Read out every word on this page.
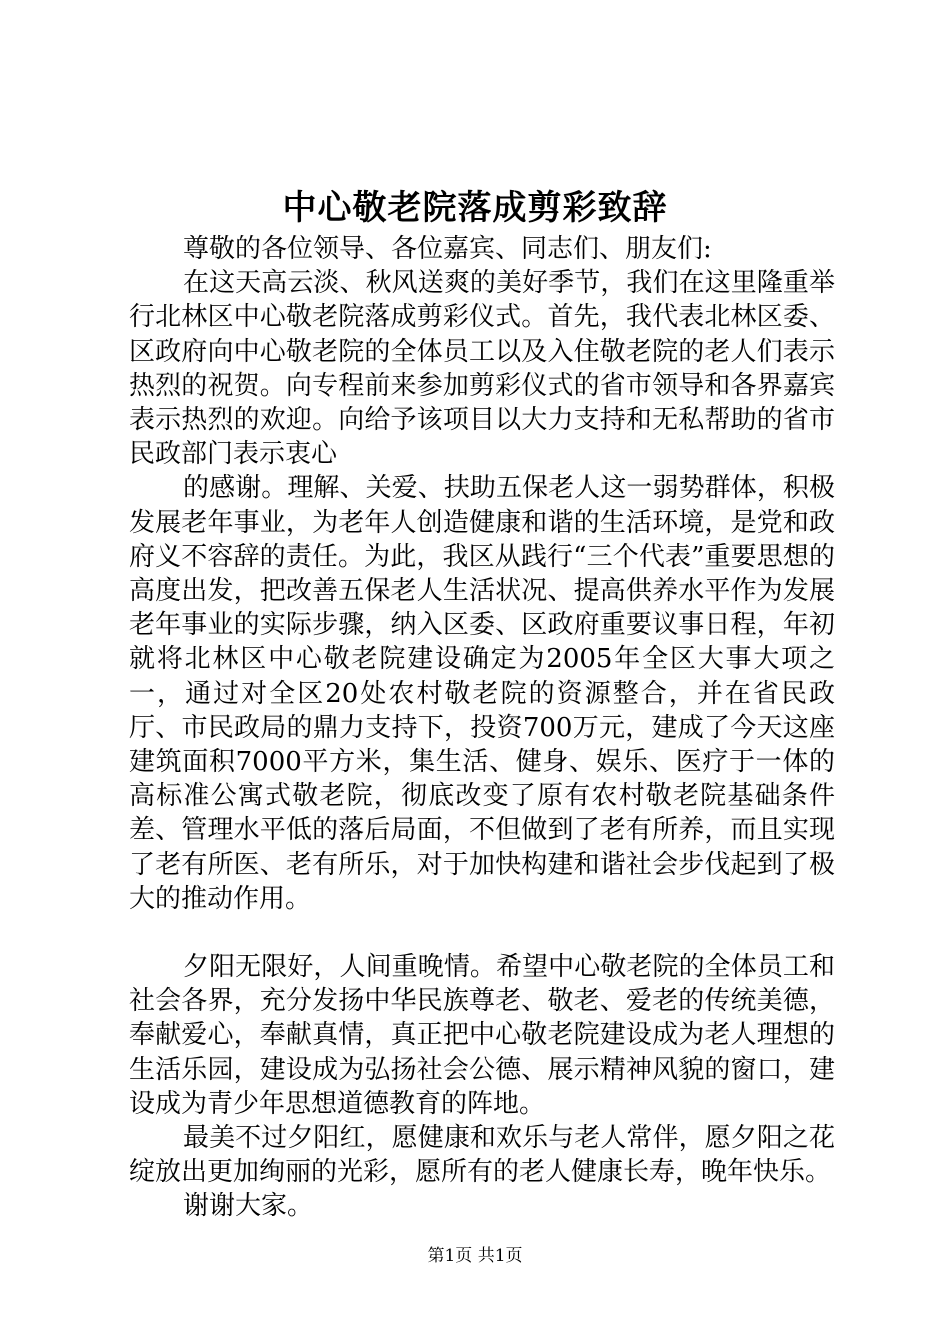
中心敬老院落成剪彩致辞

尊敬的各位领导、各位嘉宾、同志们、朋友们:

在这天高云淡、秋风送爽的美好季节，我们在这里隆重举行北林区中心敬老院落成剪彩仪式。首先，我代表北林区委、区政府向中心敬老院的全体员工以及入住敬老院的老人们表示热烈的祝贺。向专程前来参加剪彩仪式的省市领导和各界嘉宾表示热烈的欢迎。向给予该项目以大力支持和无私帮助的省市民政部门表示衷心

的感谢。理解、关爱、扶助五保老人这一弱势群体，积极发展老年事业，为老年人创造健康和谐的生活环境，是党和政府义不容辞的责任。为此，我区从践行“三个代表”重要思想的高度出发，把改善五保老人生活状况、提高供养水平作为发展老年事业的实际步骤，纳入区委、区政府重要议事日程，年初就将北林区中心敬老院建设确定为2005年全区大事大项之一，通过对全区20处农村敬老院的资源整合，并在省民政厅、市民政局的鼎力支持下，投资700万元，建成了今天这座建筑面积7000平方米，集生活、健身、娱乐、医疗于一体的高标准公寓式敬老院，彻底改变了原有农村敬老院基础条件差、管理水平低的落后局面，不但做到了老有所养，而且实现了老有所医、老有所乐，对于加快构建和谐社会步伐起到了极大的推动作用。

夕阳无限好，人间重晚情。希望中心敬老院的全体员工和社会各界，充分发扬中华民族尊老、敬老、爱老的传统美德，奉献爱心，奉献真情，真正把中心敬老院建设成为老人理想的生活乐园，建设成为弘扬社会公德、展示精神风貌的窗口，建设成为青少年思想道德教育的阵地。

最美不过夕阳红，愿健康和欢乐与老人常伴，愿夕阳之花绽放出更加绚丽的光彩，愿所有的老人健康长寿，晚年快乐。

谢谢大家。

第1页 共1页
